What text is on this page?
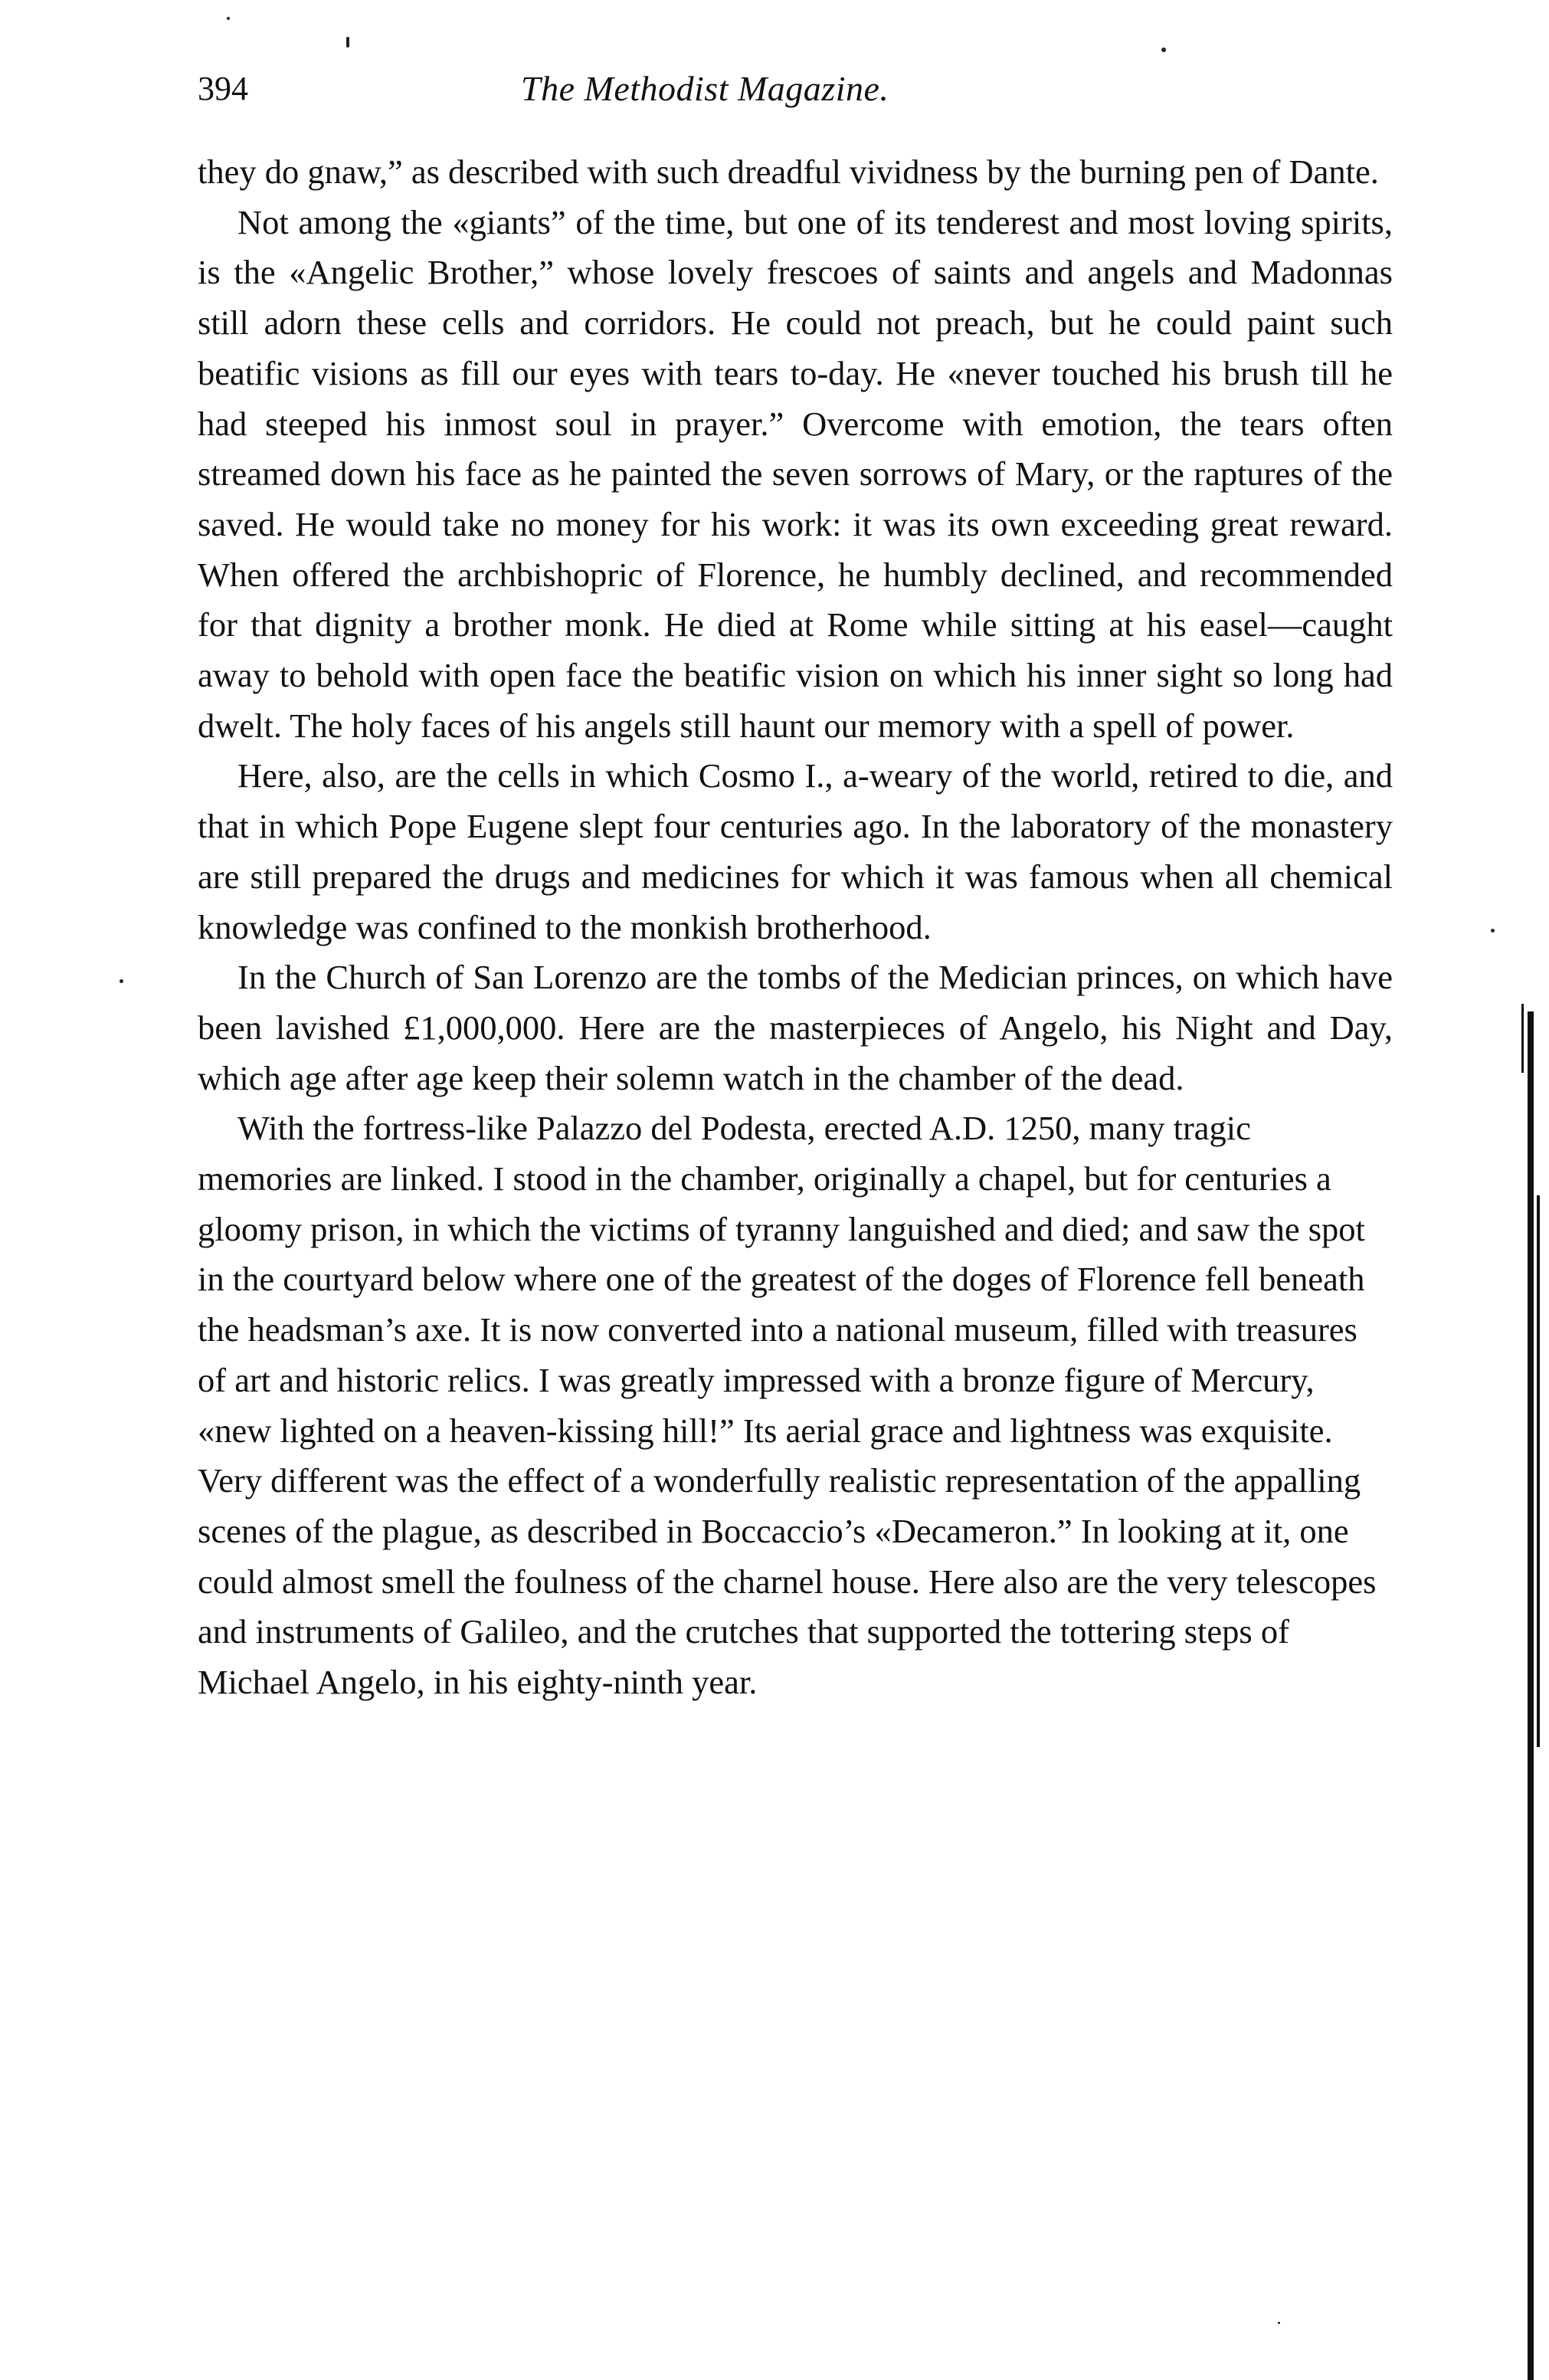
394	The Methodist Magazine.

they do gnaw,” as described with such dreadful vividness by the burning pen of Dante.

Not among the «giants” of the time, but one of its tenderest and most loving spirits, is the «Angelic Brother,” whose lovely frescoes of saints and angels and Madonnas still adorn these cells and corridors. He could not preach, but he could paint such beatific visions as fill our eyes with tears to-day. He «never touched his brush till he had steeped his inmost soul in prayer.” Overcome with emotion, the tears often streamed down his face as he painted the seven sorrows of Mary, or the raptures of the saved. He would take no money for his work: it was its own exceeding great reward. When offered the archbishopric of Florence, he humbly declined, and recommended for that dignity a brother monk. He died at Rome while sitting at his easel—caught away to behold with open face the beatific vision on which his inner sight so long had dwelt. The holy faces of his angels still haunt our memory with a spell of power.

Here, also, are the cells in which Cosmo I., a-weary of the world, retired to die, and that in which Pope Eugene slept four centuries ago. In the laboratory of the monastery are still prepared the drugs and medicines for which it was famous when all chemical knowledge was confined to the monkish brotherhood.

In the Church of San Lorenzo are the tombs of the Medician princes, on which have been lavished £1,000,000. Here are the masterpieces of Angelo, his Night and Day, which age after age keep their solemn watch in the chamber of the dead.

With the fortress-like Palazzo del Podesta, erected A.D. 1250, many tragic memories are linked. I stood in the chamber, originally a chapel, but for centuries a gloomy prison, in which the victims of tyranny languished and died; and saw the spot in the courtyard below where one of the greatest of the doges of Florence fell beneath the headsman’s axe. It is now converted into a national museum, filled with treasures of art and historic relics. I was greatly impressed with a bronze figure of Mercury, «new lighted on a heaven-kissing hill!” Its aerial grace and lightness was exquisite. Very different was the effect of a wonderfully realistic representation of the appalling scenes of the plague, as described in Boccaccio’s «Decameron.” In looking at it, one could almost smell the foulness of the charnel house. Here also are the very telescopes and instruments of Galileo, and the crutches that supported the tottering steps of Michael Angelo, in his eighty-ninth year.
